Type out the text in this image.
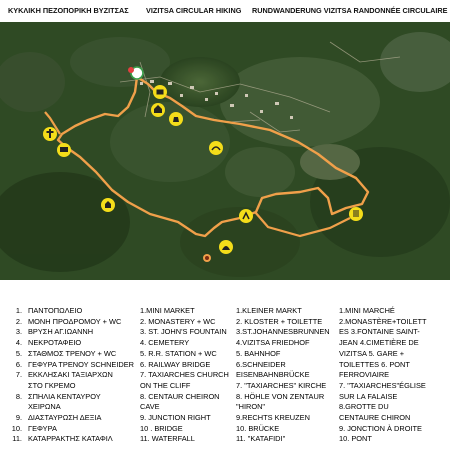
ΚΥΚΛΙΚΗ ΠΕΖΟΠΟΡΙΚΗ ΒΥΖΙΤΣΑΣ VIZITSA CIRCULAR HIKING RUNDWANDERUNG VIZITSA RANDONNÉE CIRCULAIRE
1. ΠΑΝΤΟΠΩΛΕΙΟ
2. ΜΟΝΗ ΠΡΟΔΡΟΜΟΥ + WC
3. ΒΡΥΣΗ ΑΓ.ΙΩΑΝΝΗ
4. ΝΕΚΡΟΤΑΦΕΙΟ
5. ΣΤΑΘΜΟΣ ΤΡΕΝΟΥ + WC
6. ΓΕΦΥΡΑ ΤΡΕΝΟΥ SCHNEIDER
7. ΕΚΚΛΗΣΑΚΙ ΤΑΞΙΑΡΧΩΝ
ΣΤΟ ΓΚΡΕΜΟ
8. ΣΠΗΛΙΑ ΚΕΝΤΑΥΡΟΥ
ΧΕΙΡΩΝΑ
9. ΔΙΑΣΤΑΥΡΩΣΗ ΔΕΞΙΑ
10. ΓΕΦΥΡΑ
11. ΚΑΤΑΡΡΑΚΤΗΣ ΚΑΤΑΦΙΛ
1.MINI MARKET
2. MONASTERY + WC
3. ST. JOHN'S FOUNTAIN
4. CEMETERY
5. R.R. STATION + WC
6. RAILWAY BRIDGE
7. TAXIARCHES CHURCH
ON THE CLIFF
8. CENTAUR CHEIRON
CAVE
9. JUNCTION RIGHT
10 . BRIDGE
11. WATERFALL
1.KLEINER MARKT
2. KLOSTER + TOILETTE
3.ST.JOHANNESBRUNNEN
4.VIZITSA FRIEDHOF
5. BAHNHOF
6.SCHNEIDER
EISENBAHNBRÜCKE
7. "TAXIARCHES" KIRCHE
8. HÖHLE VON ZENTAUR
"HIRON"
9.RECHTS KREUZEN
10. BRÜCKE
11. "KATAFIDI"
1.MINI MARCHÉ
2.MONASTÈRE+TOILETT
ES 3.FONTAINE SAINT-
JEAN 4.CIMETIÈRE DE
VIZITSA 5. GARE +
TOILETTES 6. PONT
FERROVIAIRE
7. "TAXIARCHES"ÉGLISE
SUR LA FALAISE
8.GROTTE DU
CENTAURE CHIRON
9. JONCTION À DROITE
10. PONT
